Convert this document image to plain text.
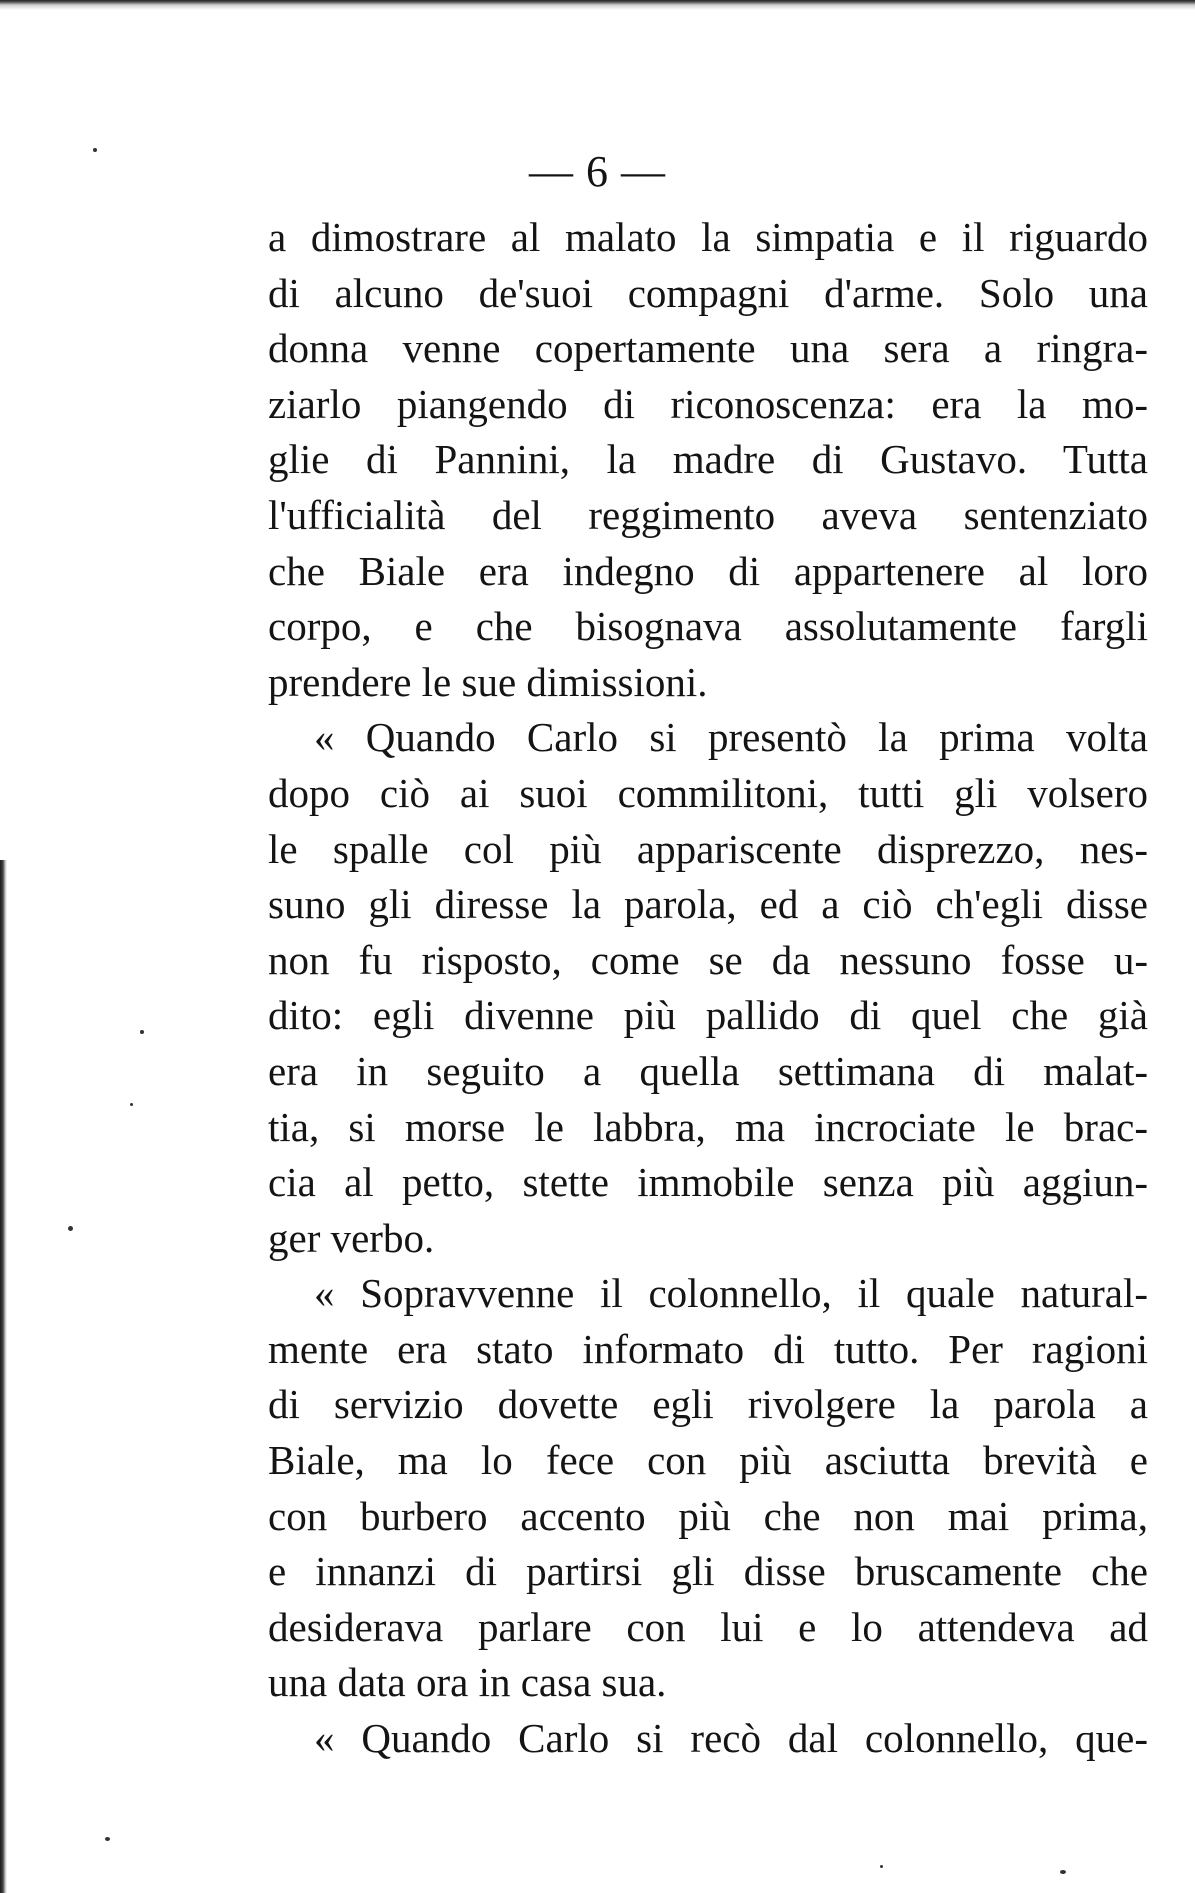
— 6 —
a dimostrare al malato la simpatia e il riguardo
di alcuno de'suoi compagni d'arme. Solo una
donna venne copertamente una sera a ringra-
ziarlo piangendo di riconoscenza: era la mo-
glie di Pannini, la madre di Gustavo. Tutta
l'ufficialità del reggimento aveva sentenziato
che Biale era indegno di appartenere al loro
corpo, e che bisognava assolutamente fargli
prendere le sue dimissioni.
« Quando Carlo si presentò la prima volta
dopo ciò ai suoi commilitoni, tutti gli volsero
le spalle col più appariscente disprezzo, nes-
suno gli diresse la parola, ed a ciò ch'egli disse
non fu risposto, come se da nessuno fosse u-
dito: egli divenne più pallido di quel che già
era in seguito a quella settimana di malat-
tia, si morse le labbra, ma incrociate le brac-
cia al petto, stette immobile senza più aggiun-
ger verbo.
« Sopravvenne il colonnello, il quale natural-
mente era stato informato di tutto. Per ragioni
di servizio dovette egli rivolgere la parola a
Biale, ma lo fece con più asciutta brevità e
con burbero accento più che non mai prima,
e innanzi di partirsi gli disse bruscamente che
desiderava parlare con lui e lo attendeva ad
una data ora in casa sua.
« Quando Carlo si recò dal colonnello, que-
